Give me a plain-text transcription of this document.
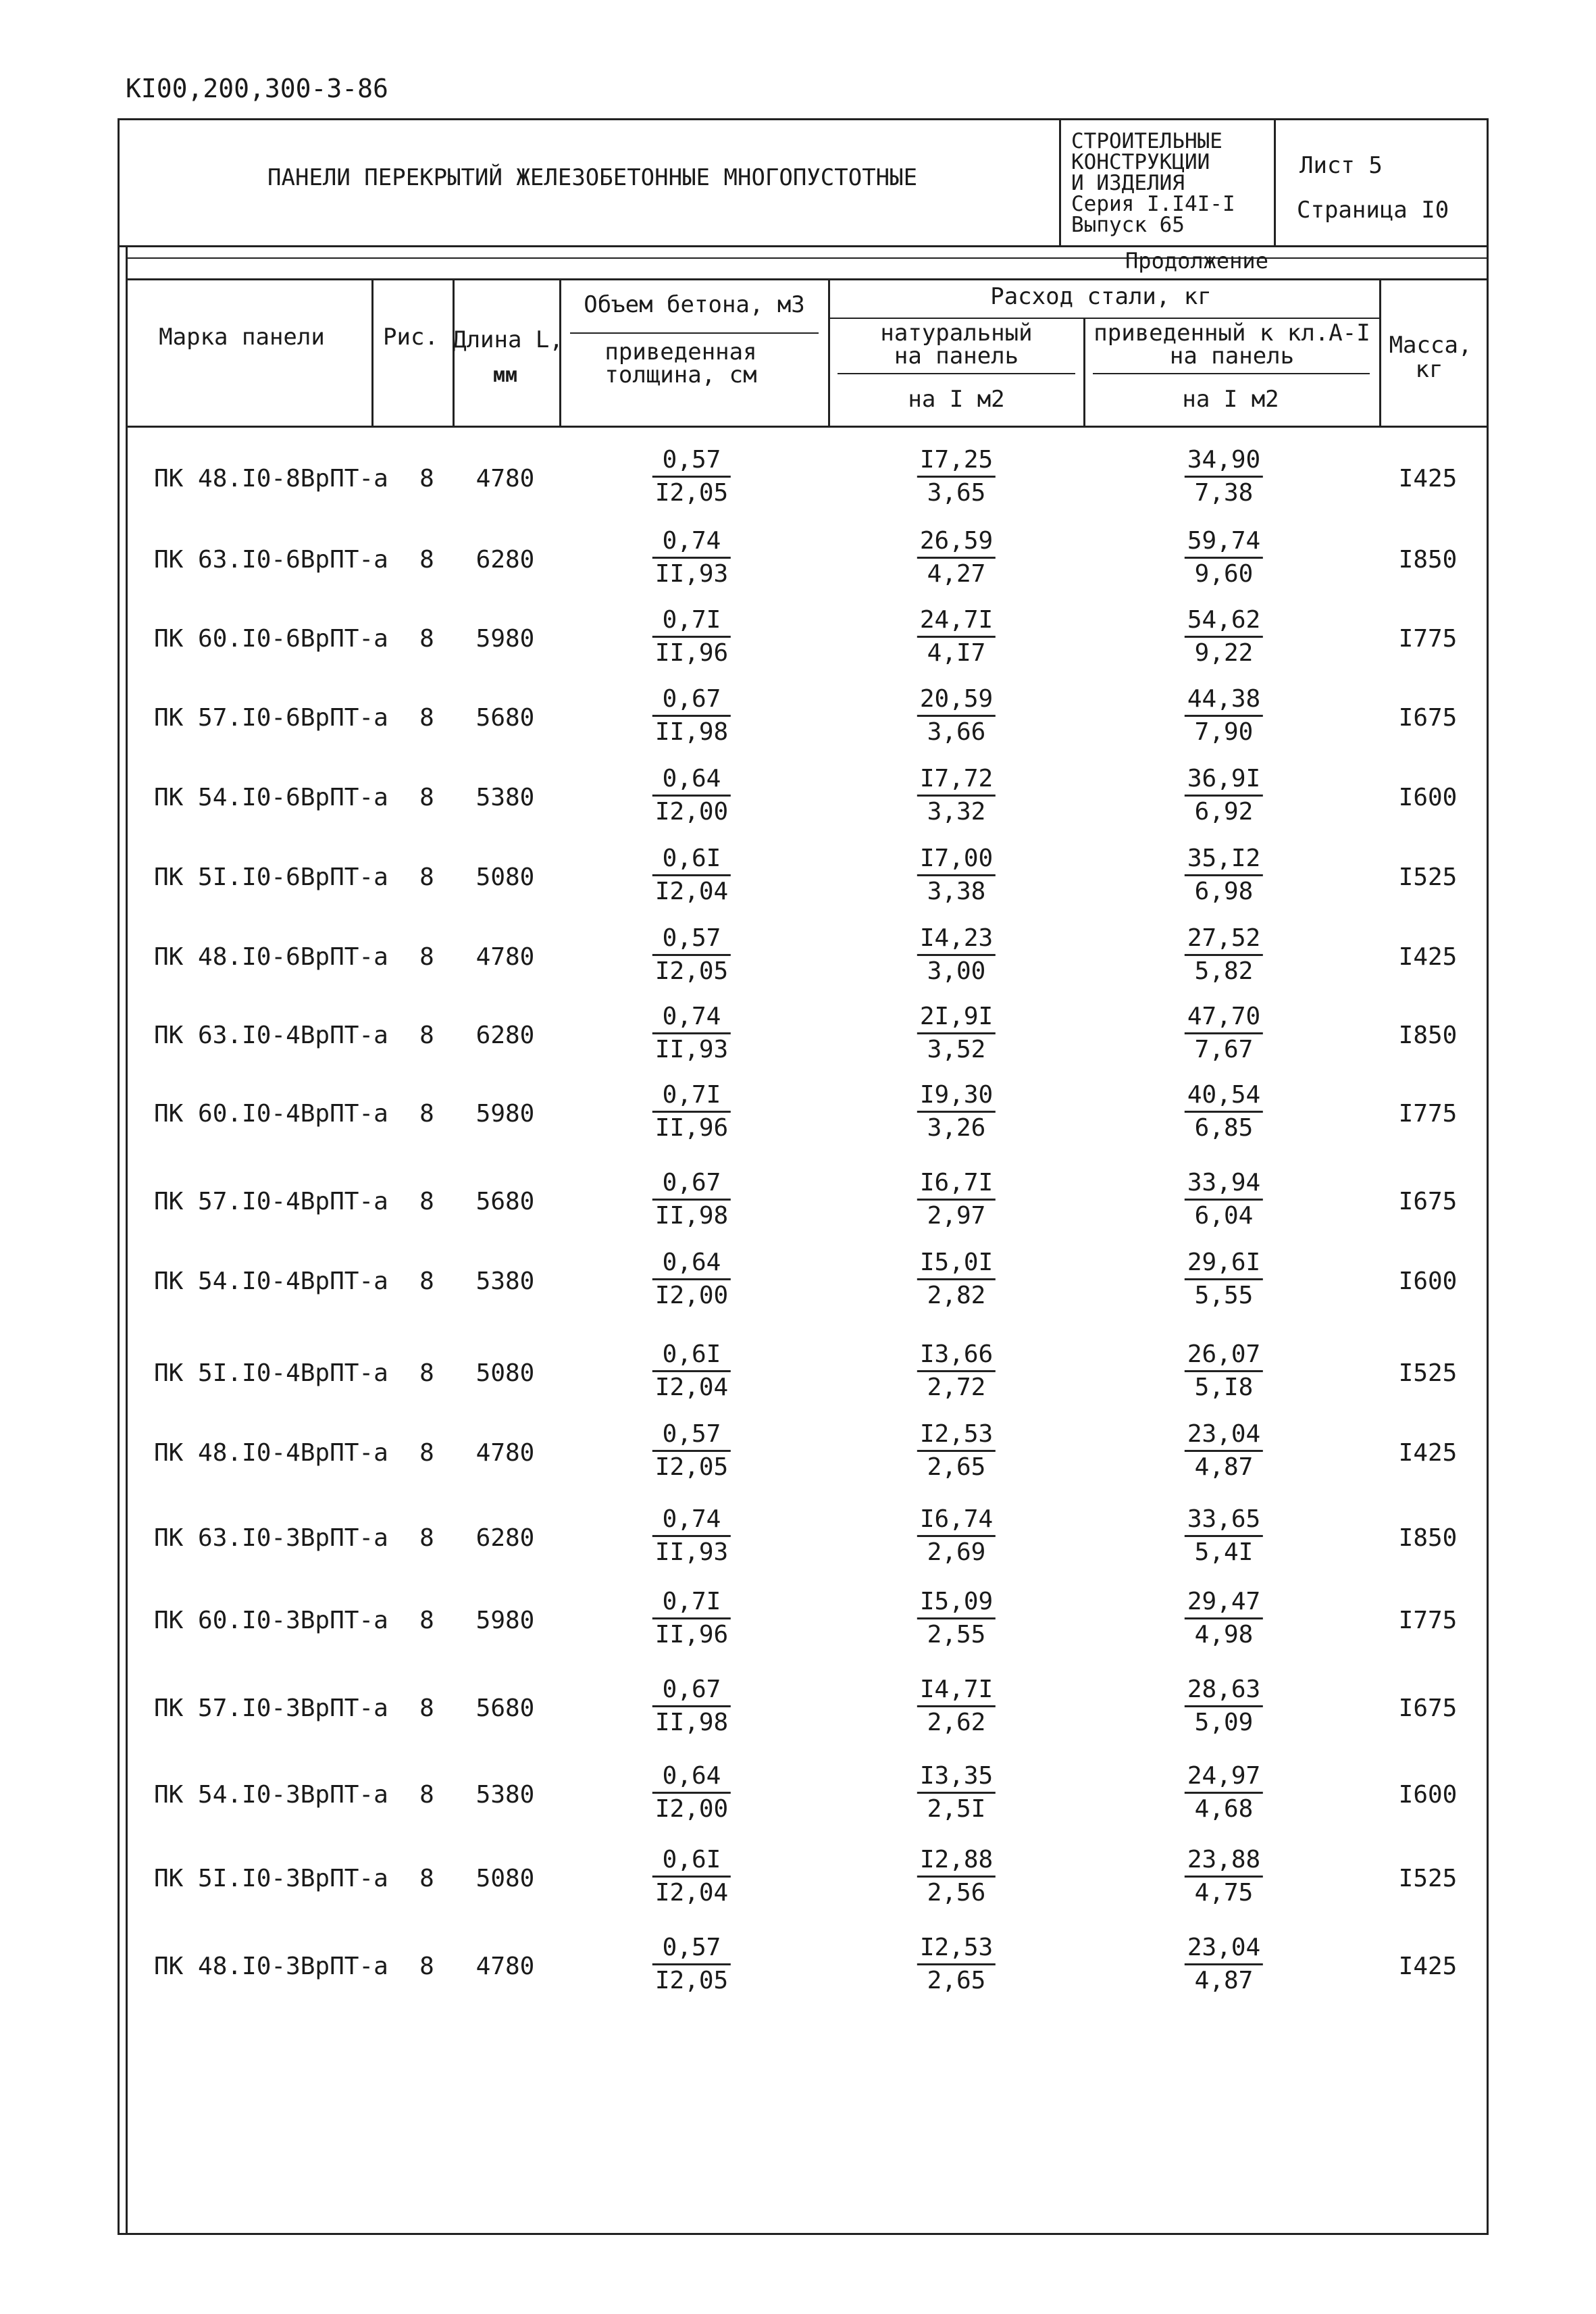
КI00,200,300-3-86
ПАНЕЛИ ПЕРЕКРЫТИЙ ЖЕЛЕЗОБЕТОННЫЕ МНОГОПУСТОТНЫЕ
СТРОИТЕЛЬНЫЕ
КОНСТРУКЦИИ
И ИЗДЕЛИЯ
Серия I.I4I-I
Выпуск 65
Лист 5
Страница I0
Продолжение
Марка панели	Рис. Длина L,
мм
Объем бетона, м3
приведенная
толщина, см
Расход стали, кг
натуральный
на панель
приведенный к кл.А-I
на панель
на I м2	на I м2
Масса,
кг
ПК 48.I0-8ВрПТ-а 8 4780	$\frac{0,57}{I2,05}$	$\frac{I7,25}{3,65}$	$\frac{34,90}{7,38}$	I425
ПК 63.I0-6ВрПТ-а 8 6280	$\frac{0,74}{II,93}$	$\frac{26,59}{4,27}$	$\frac{59,74}{9,60}$	I850
ПК 60.I0-6ВрПТ-а 8 5980	$\frac{0,7I}{II,96}$	$\frac{24,7I}{4,I7}$	$\frac{54,62}{9,22}$	I775
ПК 57.I0-6ВрПТ-а 8 5680	$\frac{0,67}{II,98}$	$\frac{20,59}{3,66}$	$\frac{44,38}{7,90}$	I675
ПК 54.I0-6ВрПТ-а 8 5380	$\frac{0,64}{I2,00}$	$\frac{I7,72}{3,32}$	$\frac{36,9I}{6,92}$	I600
ПК 5I.I0-6ВрПТ-а 8 5080	$\frac{0,6I}{I2,04}$	$\frac{I7,00}{3,38}$	$\frac{35,I2}{6,98}$	I525
ПК 48.I0-6ВрПТ-а 8 4780	$\frac{0,57}{I2,05}$	$\frac{I4,23}{3,00}$	$\frac{27,52}{5,82}$	I425
ПК 63.I0-4ВрПТ-а 8 6280	$\frac{0,74}{II,93}$	$\frac{2I,9I}{3,52}$	$\frac{47,70}{7,67}$	I850
ПК 60.I0-4ВрПТ-а 8 5980	$\frac{0,7I}{II,96}$	$\frac{I9,30}{3,26}$	$\frac{40,54}{6,85}$	I775
ПК 57.I0-4ВрПТ-а 8 5680	$\frac{0,67}{II,98}$	$\frac{I6,7I}{2,97}$	$\frac{33,94}{6,04}$	I675
ПК 54.I0-4ВрПТ-а 8 5380	$\frac{0,64}{I2,00}$	$\frac{I5,0I}{2,82}$	$\frac{29,6I}{5,55}$	I600
ПК 5I.I0-4ВрПТ-а 8 5080	$\frac{0,6I}{I2,04}$	$\frac{I3,66}{2,72}$	$\frac{26,07}{5,I8}$	I525
ПК 48.I0-4ВрПТ-а 8 4780	$\frac{0,57}{I2,05}$	$\frac{I2,53}{2,65}$	$\frac{23,04}{4,87}$	I425
ПК 63.I0-3ВрПТ-а 8 6280	$\frac{0,74}{II,93}$	$\frac{I6,74}{2,69}$	$\frac{33,65}{5,4I}$	I850
ПК 60.I0-3ВрПТ-а 8 5980	$\frac{0,7I}{II,96}$	$\frac{I5,09}{2,55}$	$\frac{29,47}{4,98}$	I775
ПК 57.I0-3ВрПТ-а 8 5680	$\frac{0,67}{II,98}$	$\frac{I4,7I}{2,62}$	$\frac{28,63}{5,09}$	I675
ПК 54.I0-3ВрПТ-а 8 5380	$\frac{0,64}{I2,00}$	$\frac{I3,35}{2,5I}$	$\frac{24,97}{4,68}$	I600
ПК 5I.I0-3ВрПТ-а 8 5080	$\frac{0,6I}{I2,04}$	$\frac{I2,88}{2,56}$	$\frac{23,88}{4,75}$	I525
ПК 48.I0-3ВрПТ-а 8 4780	$\frac{0,57}{I2,05}$	$\frac{I2,53}{2,65}$	$\frac{23,04}{4,87}$	I425
